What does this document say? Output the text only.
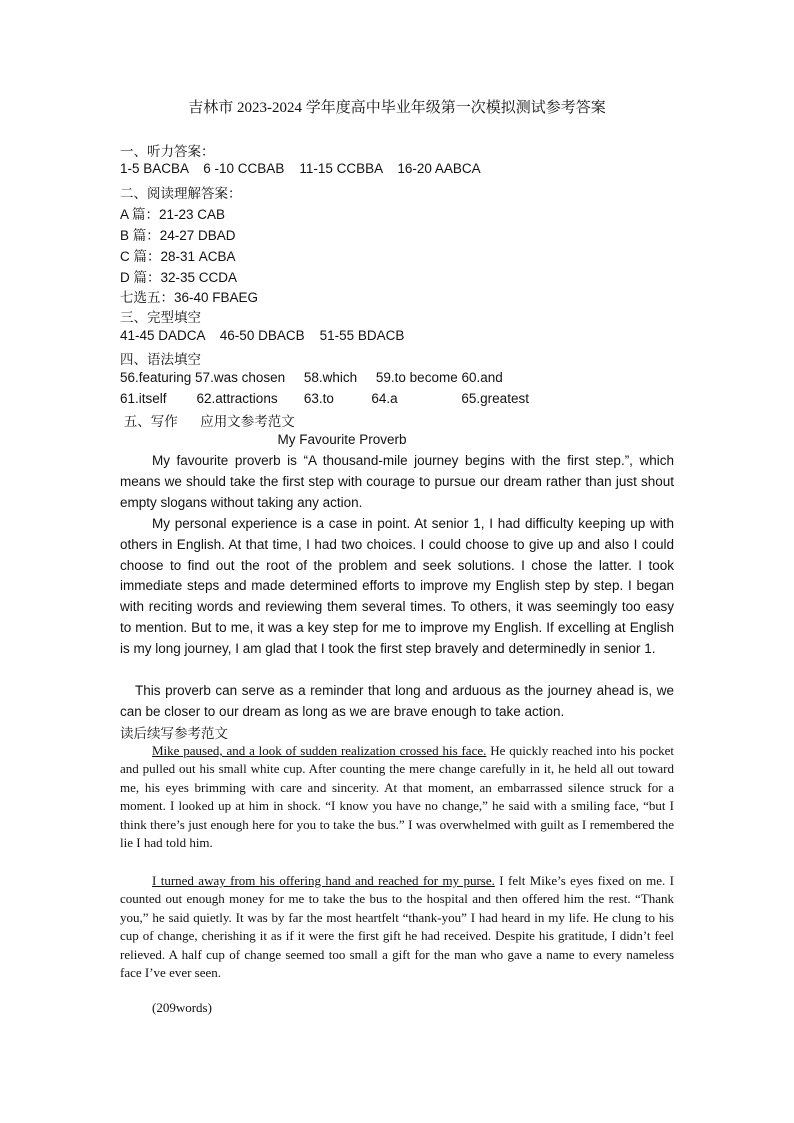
吉林市 2023-2024 学年度高中毕业年级第一次模拟测试参考答案
一、听力答案：
1-5 BACBA    6 -10 CCBAB    11-15 CCBBA    16-20 AABCA
二、阅读理解答案：
A 篇：21-23 CAB
B 篇：24-27 DBAD
C 篇：28-31 ACBA
D 篇：32-35 CCDA
七选五：36-40 FBAEG
三、完型填空
41-45 DADCA    46-50 DBACB    51-55 BDACB
四、语法填空
56.featuring 57.was chosen     58.which     59.to become 60.and
61.itself        62.attractions       63.to          64.a                 65.greatest
五、写作      应用文参考范文
My Favourite Proverb
My favourite proverb is “A thousand-mile journey begins with the first step.”, which means we should take the first step with courage to pursue our dream rather than just shout empty slogans without taking any action.
My personal experience is a case in point. At senior 1, I had difficulty keeping up with others in English. At that time, I had two choices. I could choose to give up and also I could choose to find out the root of the problem and seek solutions. I chose the latter. I took immediate steps and made determined efforts to improve my English step by step. I began with reciting words and reviewing them several times. To others, it was seemingly too easy to mention. But to me, it was a key step for me to improve my English. If excelling at English is my long journey, I am glad that I took the first step bravely and determinedly in senior 1.
This proverb can serve as a reminder that long and arduous as the journey ahead is, we can be closer to our dream as long as we are brave enough to take action.
读后续写参考范文
Mike paused, and a look of sudden realization crossed his face. He quickly reached into his pocket and pulled out his small white cup. After counting the mere change carefully in it, he held all out toward me, his eyes brimming with care and sincerity. At that moment, an embarrassed silence struck for a moment. I looked up at him in shock. “I know you have no change,” he said with a smiling face, “but I think there’s just enough here for you to take the bus.” I was overwhelmed with guilt as I remembered the lie I had told him.
I turned away from his offering hand and reached for my purse. I felt Mike’s eyes fixed on me. I counted out enough money for me to take the bus to the hospital and then offered him the rest. “Thank you,” he said quietly. It was by far the most heartfelt “thank-you” I had heard in my life. He clung to his cup of change, cherishing it as if it were the first gift he had received. Despite his gratitude, I didn’t feel relieved. A half cup of change seemed too small a gift for the man who gave a name to every nameless face I’ve ever seen.
(209words)
